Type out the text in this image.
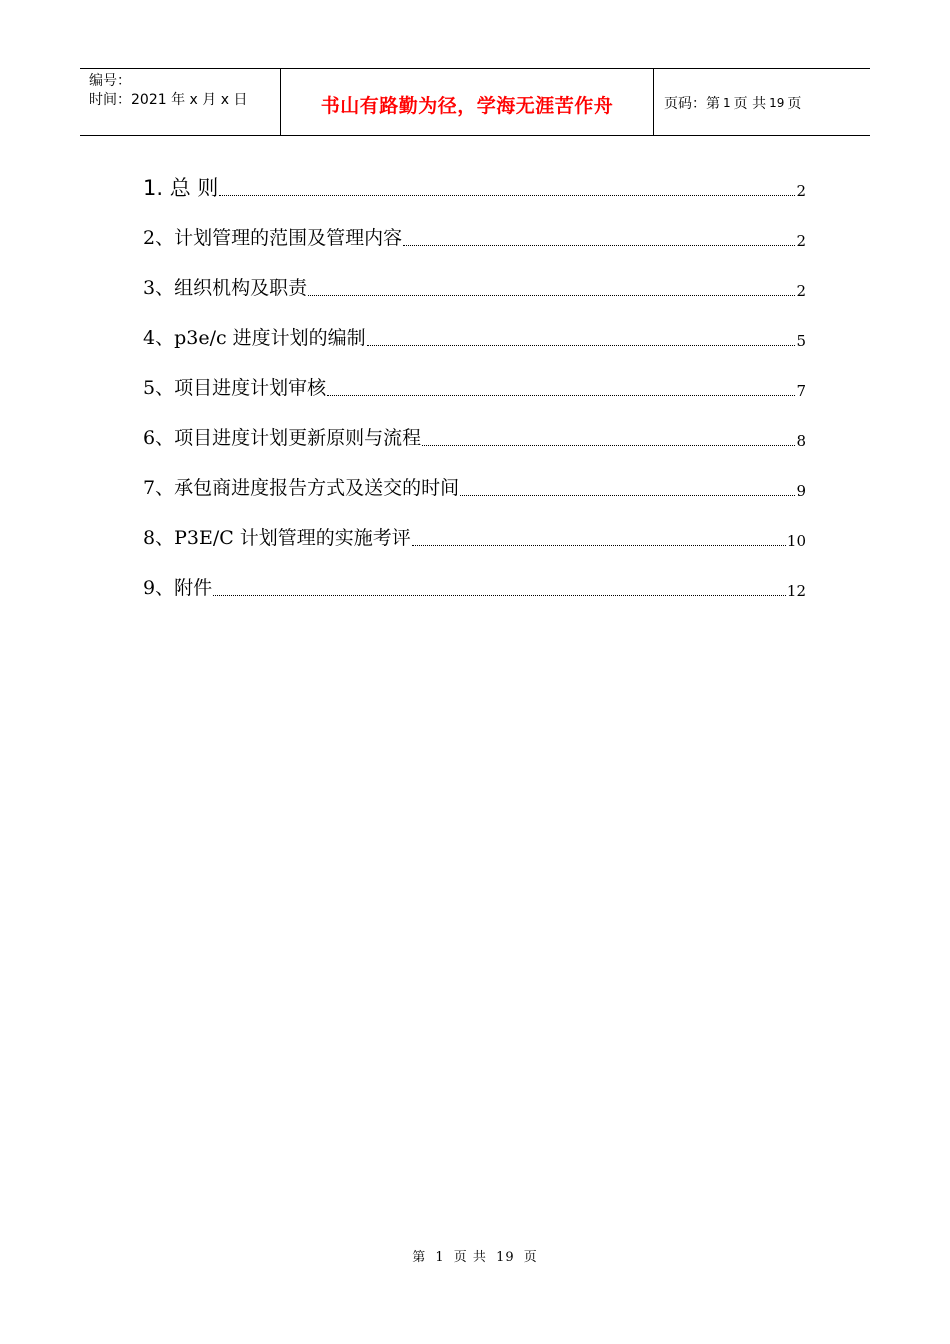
编号：
时间：2021 年 x 月 x 日	书山有路勤为径，学海无涯苦作舟	页码：第 1 页 共 19 页
1. 总 则	2
2、计划管理的范围及管理内容	2
3、组织机构及职责	2
4、p3e/c 进度计划的编制	5
5、项目进度计划审核	7
6、项目进度计划更新原则与流程	8
7、承包商进度报告方式及送交的时间	9
8、P3E/C 计划管理的实施考评	10
9、附件	12
第 1 页 共 19 页
